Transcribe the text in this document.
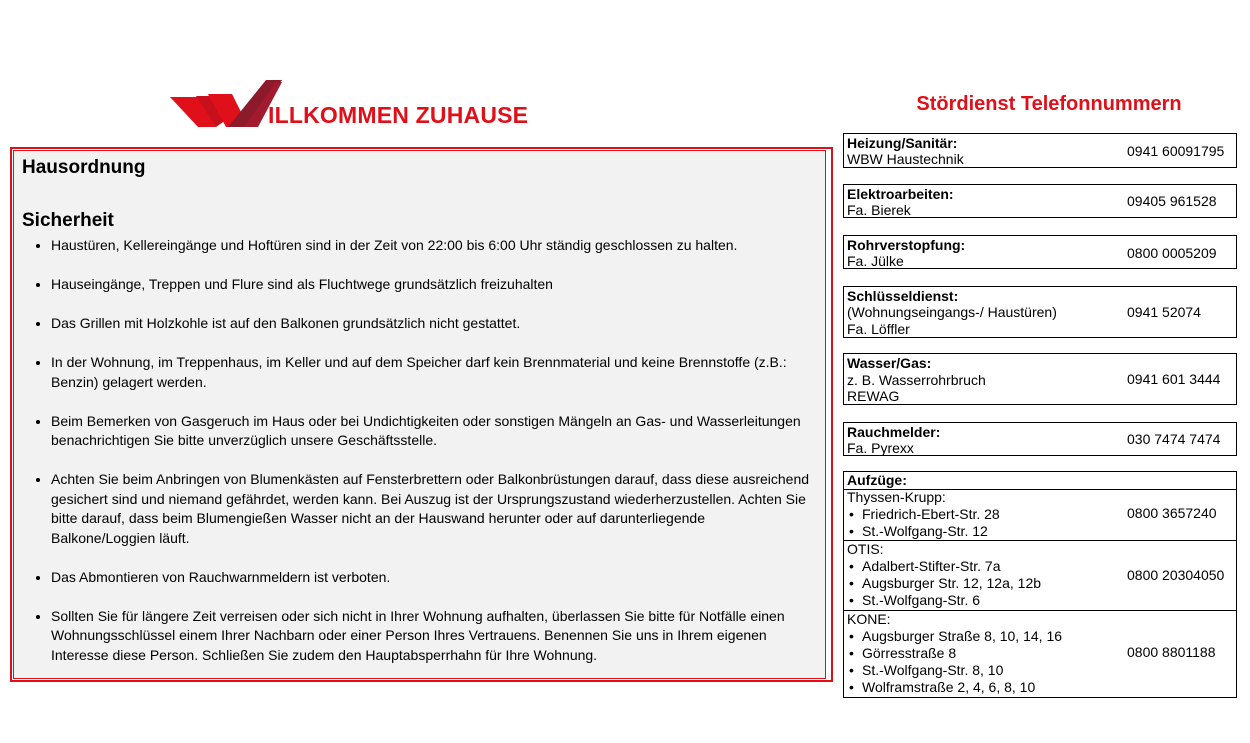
ILLKOMMEN ZUHAUSE
Hausordnung
Sicherheit
• Haustüren, Kellereingänge und Hoftüren sind in der Zeit von 22:00 bis 6:00 Uhr ständig geschlossen zu halten.
• Hauseingänge, Treppen und Flure sind als Fluchtwege grundsätzlich freizuhalten
• Das Grillen mit Holzkohle ist auf den Balkonen grundsätzlich nicht gestattet.
• In der Wohnung, im Treppenhaus, im Keller und auf dem Speicher darf kein Brennmaterial und keine Brennstoffe (z.B.: Benzin) gelagert werden.
• Beim Bemerken von Gasgeruch im Haus oder bei Undichtigkeiten oder sonstigen Mängeln an Gas- und Wasserleitungen benachrichtigen Sie bitte unverzüglich unsere Geschäftsstelle.
• Achten Sie beim Anbringen von Blumenkästen auf Fensterbrettern oder Balkonbrüstungen darauf, dass diese ausreichend gesichert sind und niemand gefährdet, werden kann. Bei Auszug ist der Ursprungszustand wiederherzustellen. Achten Sie bitte darauf, dass beim Blumengießen Wasser nicht an der Hauswand herunter oder auf darunterliegende Balkone/Loggien läuft.
• Das Abmontieren von Rauchwarnmeldern ist verboten.
• Sollten Sie für längere Zeit verreisen oder sich nicht in Ihrer Wohnung aufhalten, überlassen Sie bitte für Notfälle einen Wohnungsschlüssel einem Ihrer Nachbarn oder einer Person Ihres Vertrauens. Benennen Sie uns in Ihrem eigenen Interesse diese Person. Schließen Sie zudem den Hauptabsperrhahn für Ihre Wohnung.
Stördienst Telefonnummern
Heizung/Sanitär:
WBW Haustechnik	0941 60091795
Elektroarbeiten:
Fa. Bierek
09405 961528
Rohrverstopfung:
Fa. Jülke	0800 0005209
Schlüsseldienst:
(Wohnungseingangs-/ Haustüren)
Fa. Löffler
0941 52074
Wasser/Gas:
z. B. Wasserrohrbruch
REWAG
0941 601 3444
Rauchmelder:
Fa. Pyrexx
030 7474 7474
Aufzüge:
Thyssen-Krupp:
• Friedrich-Ebert-Str. 28
• St.-Wolfgang-Str. 12
0800 3657240
OTIS:
• Adalbert-Stifter-Str. 7a
• Augsburger Str. 12, 12a, 12b
• St.-Wolfgang-Str. 6
0800 20304050
KONE:
• Augsburger Straße 8, 10, 14, 16
• Görresstraße 8
• St.-Wolfgang-Str. 8, 10
• Wolframstraße 2, 4, 6, 8, 10
0800 8801188
